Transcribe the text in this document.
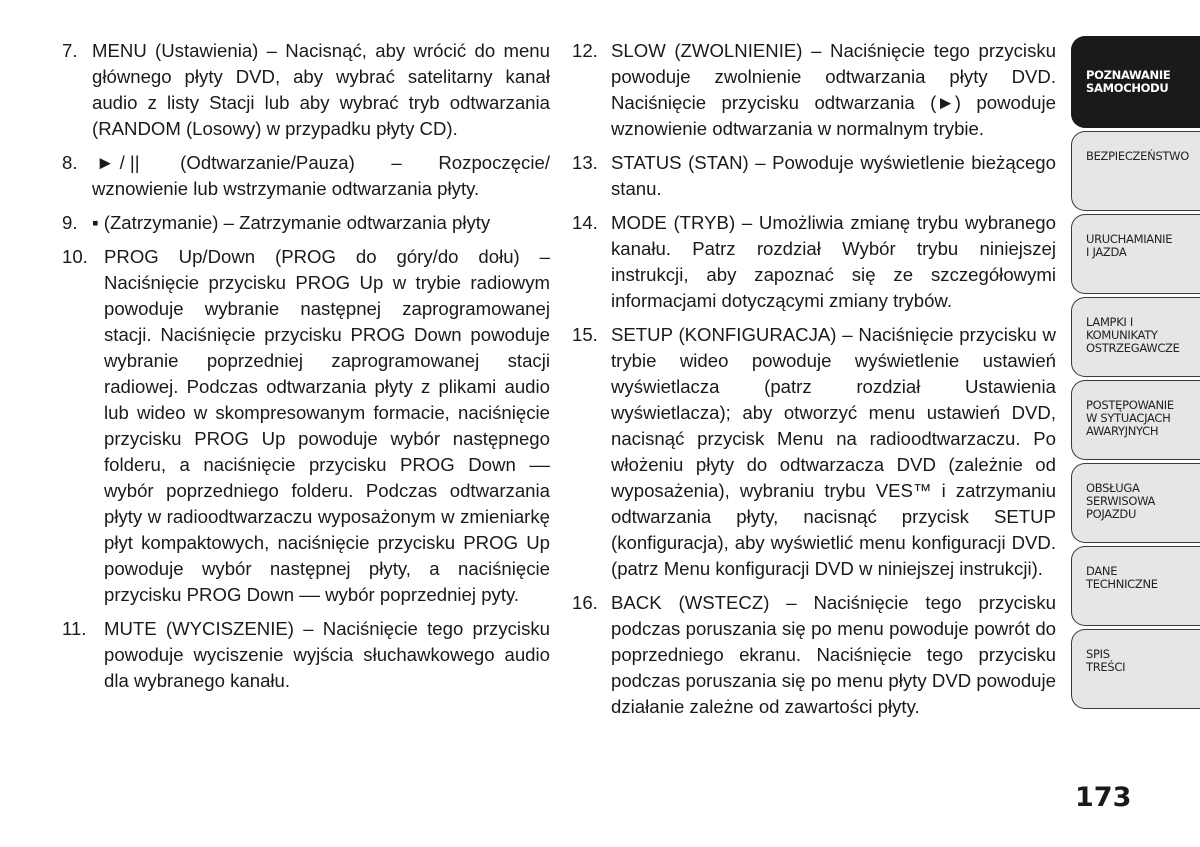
7. MENU (Ustawienia) – Nacisnąć, aby wrócić do menu głównego płyty DVD, aby wybrać satelitarny kanał audio z listy Stacji lub aby wybrać tryb odtwarzania (RANDOM (Losowy) w przypadku płyty CD).
8. ► / || (Odtwarzanie/Pauza) – Rozpoczęcie/ wznowienie lub wstrzymanie odtwarzania płyty.
9. ▪ (Zatrzymanie) – Zatrzymanie odtwarzania płyty
10. PROG Up/Down (PROG do góry/do dołu) – Naciśnięcie przycisku PROG Up w trybie radiowym powoduje wybranie następnej zaprogramowanej stacji. Naciśnięcie przycisku PROG Down powoduje wybranie poprzedniej zaprogramowanej stacji radiowej. Podczas odtwarzania płyty z plikami audio lub wideo w skompresowanym formacie, naciśnięcie przycisku PROG Up powoduje wybór następnego folderu, a naciśnięcie przycisku PROG Down –– wybór poprzedniego folderu. Podczas odtwarzania płyty w radioodtwarzaczu wyposażonym w zmieniarkę płyt kompaktowych, naciśnięcie przycisku PROG Up powoduje wybór następnej płyty, a naciśnięcie przycisku PROG Down –– wybór poprzedniej pyty.
11. MUTE (WYCISZENIE) – Naciśnięcie tego przycisku powoduje wyciszenie wyjścia słuchawkowego audio dla wybranego kanału.
12. SLOW (ZWOLNIENIE) – Naciśnięcie tego przycisku powoduje zwolnienie odtwarzania płyty DVD. Naciśnięcie przycisku odtwarzania (►) powoduje wznowienie odtwarzania w normalnym trybie.
13. STATUS (STAN) – Powoduje wyświetlenie bieżącego stanu.
14. MODE (TRYB) – Umożliwia zmianę trybu wybranego kanału. Patrz rozdział Wybór trybu niniejszej instrukcji, aby zapoznać się ze szczegółowymi informacjami dotyczącymi zmiany trybów.
15. SETUP (KONFIGURACJA) – Naciśnięcie przycisku w trybie wideo powoduje wyświetlenie ustawień wyświetlacza (patrz rozdział Ustawienia wyświetlacza); aby otworzyć menu ustawień DVD, nacisnąć przycisk Menu na radioodtwarzaczu. Po włożeniu płyty do odtwarzacza DVD (zależnie od wyposażenia), wybraniu trybu VES™ i zatrzymaniu odtwarzania płyty, nacisnąć przycisk SETUP (konfiguracja), aby wyświetlić menu konfiguracji DVD. (patrz Menu konfiguracji DVD w niniejszej instrukcji).
16. BACK (WSTECZ) – Naciśnięcie tego przycisku podczas poruszania się po menu powoduje powrót do poprzedniego ekranu. Naciśnięcie tego przycisku podczas poruszania się po menu płyty DVD powoduje działanie zależne od zawartości płyty.
POZNAWANIE
SAMOCHODU
BEZPIECZEŃSTWO
URUCHAMIANIE
I JAZDA
LAMPKI I
KOMUNIKATY
OSTRZEGAWCZE
POSTĘPOWANIE
W SYTUACJACH
AWARYJNYCH
OBSŁUGA
SERWISOWA
POJAZDU
DANE
TECHNICZNE
SPIS
TREŚCI
173
